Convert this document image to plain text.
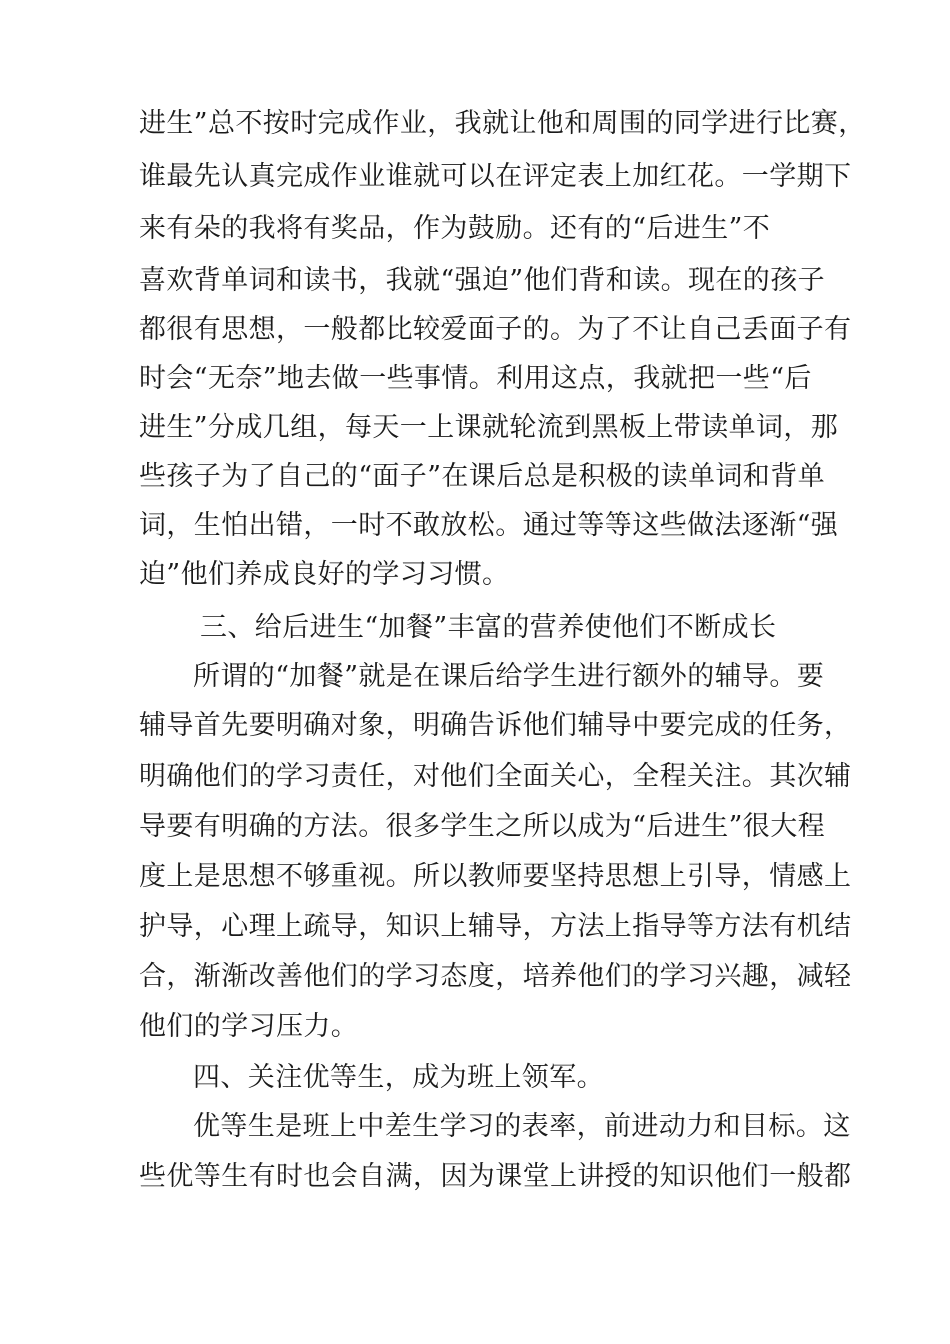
进生”总不按时完成作业，我就让他和周围的同学进行比赛，
谁最先认真完成作业谁就可以在评定表上加红花。一学期下
来有朵的我将有奖品，作为鼓励。还有的“后进生”不
喜欢背单词和读书，我就“强迫”他们背和读。现在的孩子
都很有思想，一般都比较爱面子的。为了不让自己丢面子有
时会“无奈”地去做一些事情。利用这点，我就把一些“后
进生”分成几组，每天一上课就轮流到黑板上带读单词，那
些孩子为了自己的“面子”在课后总是积极的读单词和背单
词，生怕出错，一时不敢放松。通过等等这些做法逐渐“强
迫”他们养成良好的学习习惯。
三、给后进生“加餐”丰富的营养使他们不断成长
所谓的“加餐”就是在课后给学生进行额外的辅导。要
辅导首先要明确对象，明确告诉他们辅导中要完成的任务，
明确他们的学习责任，对他们全面关心，全程关注。其次辅
导要有明确的方法。很多学生之所以成为“后进生”很大程
度上是思想不够重视。所以教师要坚持思想上引导，情感上
护导，心理上疏导，知识上辅导，方法上指导等方法有机结
合，渐渐改善他们的学习态度，培养他们的学习兴趣，减轻
他们的学习压力。
四、关注优等生，成为班上领军。
优等生是班上中差生学习的表率，前进动力和目标。这
些优等生有时也会自满，因为课堂上讲授的知识他们一般都
